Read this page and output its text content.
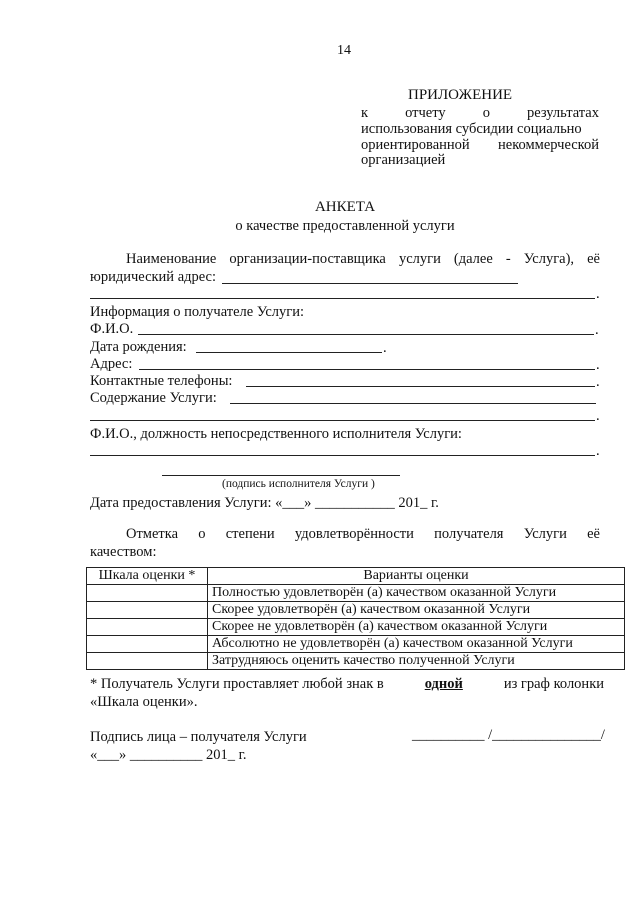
14
ПРИЛОЖЕНИЕ
к	отчету	о	результатах
использования субсидии социально
ориентированной некоммерческой
организацией
АНКЕТА
о качестве предоставленной услуги
Наименование организации-поставщика услуги (далее - Услуга), её
юридический адрес:
.
Информация о получателе Услуги:
Ф.И.О.	.
Дата рождения:	.
Адрес:	.
Контактные телефоны:	.
Содержание Услуги:
.
Ф.И.О., должность непосредственного исполнителя Услуги:
.
(подпись исполнителя Услуги )
Дата предоставления Услуги: «___» ___________ 201_ г.
Отметка о степени удовлетворённости получателя Услуги её
качеством:
Шкала оценки *	Варианты оценки
	Полностью удовлетворён (а) качеством оказанной Услуги
	Скорее удовлетворён (а) качеством оказанной Услуги
	Скорее не удовлетворён (а) качеством оказанной Услуги
	Абсолютно не удовлетворён (а) качеством оказанной Услуги
	Затрудняюсь оценить качество полученной Услуги
* Получатель Услуги проставляет любой знак в	одной	из граф колонки
«Шкала оценки».
Подпись лица – получателя Услуги	__________ /_______________/
«___» __________ 201_ г.
